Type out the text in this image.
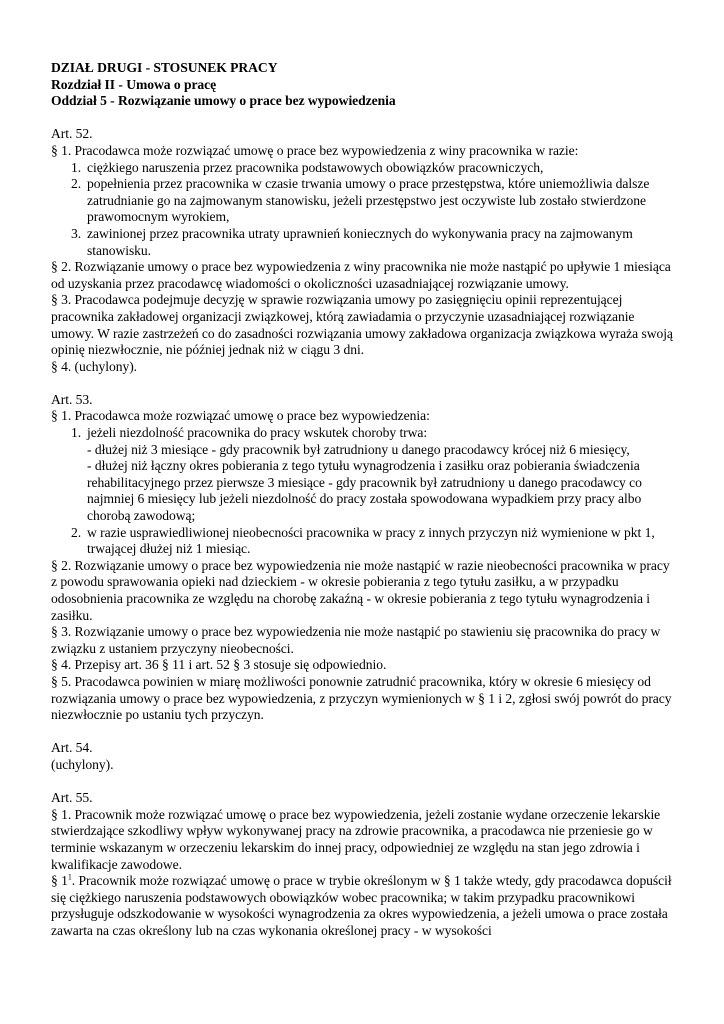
DZIAŁ DRUGI - STOSUNEK PRACY

Rozdział II - Umowa o pracę

Oddział 5 - Rozwiązanie umowy o prace bez wypowiedzenia

Art. 52.

§ 1. Pracodawca może rozwiązać umowę o prace bez wypowiedzenia z winy pracownika w razie:

1. ciężkiego naruszenia przez pracownika podstawowych obowiązków pracowniczych,
2. popełnienia przez pracownika w czasie trwania umowy o prace przestępstwa, które uniemożliwia dalsze zatrudnianie go na zajmowanym stanowisku, jeżeli przestępstwo jest oczywiste lub zostało stwierdzone prawomocnym wyrokiem,
3. zawinionej przez pracownika utraty uprawnień koniecznych do wykonywania pracy na zajmowanym stanowisku.

§ 2. Rozwiązanie umowy o prace bez wypowiedzenia z winy pracownika nie może nastąpić po upływie 1 miesiąca od uzyskania przez pracodawcę wiadomości o okoliczności uzasadniającej rozwiązanie umowy.

§ 3. Pracodawca podejmuje decyzję w sprawie rozwiązania umowy po zasięgnięciu opinii reprezentującej pracownika zakładowej organizacji związkowej, którą zawiadamia o przyczynie uzasadniającej rozwiązanie umowy. W razie zastrzeżeń co do zasadności rozwiązania umowy zakładowa organizacja związkowa wyraża swoją opinię niezwłocznie, nie później jednak niż w ciągu 3 dni.

§ 4. (uchylony).

Art. 53.

§ 1. Pracodawca może rozwiązać umowę o prace bez wypowiedzenia:

1. jeżeli niezdolność pracownika do pracy wskutek choroby trwa:
- dłużej niż 3 miesiące - gdy pracownik był zatrudniony u danego pracodawcy krócej niż 6 miesięcy,
- dłużej niż łączny okres pobierania z tego tytułu wynagrodzenia i zasiłku oraz pobierania świadczenia rehabilitacyjnego przez pierwsze 3 miesiące - gdy pracownik był zatrudniony u danego pracodawcy co najmniej 6 miesięcy lub jeżeli niezdolność do pracy została spowodowana wypadkiem przy pracy albo chorobą zawodową;
2. w razie usprawiedliwionej nieobecności pracownika w pracy z innych przyczyn niż wymienione w pkt 1, trwającej dłużej niż 1 miesiąc.

§ 2. Rozwiązanie umowy o prace bez wypowiedzenia nie może nastąpić w razie nieobecności pracownika w pracy z powodu sprawowania opieki nad dzieckiem - w okresie pobierania z tego tytułu zasiłku, a w przypadku odosobnienia pracownika ze względu na chorobę zakaźną - w okresie pobierania z tego tytułu wynagrodzenia i zasiłku.

§ 3. Rozwiązanie umowy o prace bez wypowiedzenia nie może nastąpić po stawieniu się pracownika do pracy w związku z ustaniem przyczyny nieobecności.

§ 4. Przepisy art. 36 § 11 i art. 52 § 3 stosuje się odpowiednio.

§ 5. Pracodawca powinien w miarę możliwości ponownie zatrudnić pracownika, który w okresie 6 miesięcy od rozwiązania umowy o prace bez wypowiedzenia, z przyczyn wymienionych w § 1 i 2, zgłosi swój powrót do pracy niezwłocznie po ustaniu tych przyczyn.

Art. 54.

(uchylony).

Art. 55.

§ 1. Pracownik może rozwiązać umowę o prace bez wypowiedzenia, jeżeli zostanie wydane orzeczenie lekarskie stwierdzające szkodliwy wpływ wykonywanej pracy na zdrowie pracownika, a pracodawca nie przeniesie go w terminie wskazanym w orzeczeniu lekarskim do innej pracy, odpowiedniej ze względu na stan jego zdrowia i kwalifikacje zawodowe.

§ $1^1$. Pracownik może rozwiązać umowę o prace w trybie określonym w § 1 także wtedy, gdy pracodawca dopuścił się ciężkiego naruszenia podstawowych obowiązków wobec pracownika; w takim przypadku pracownikowi przysługuje odszkodowanie w wysokości wynagrodzenia za okres wypowiedzenia, a jeżeli umowa o prace została zawarta na czas określony lub na czas wykonania określonej pracy - w wysokości
